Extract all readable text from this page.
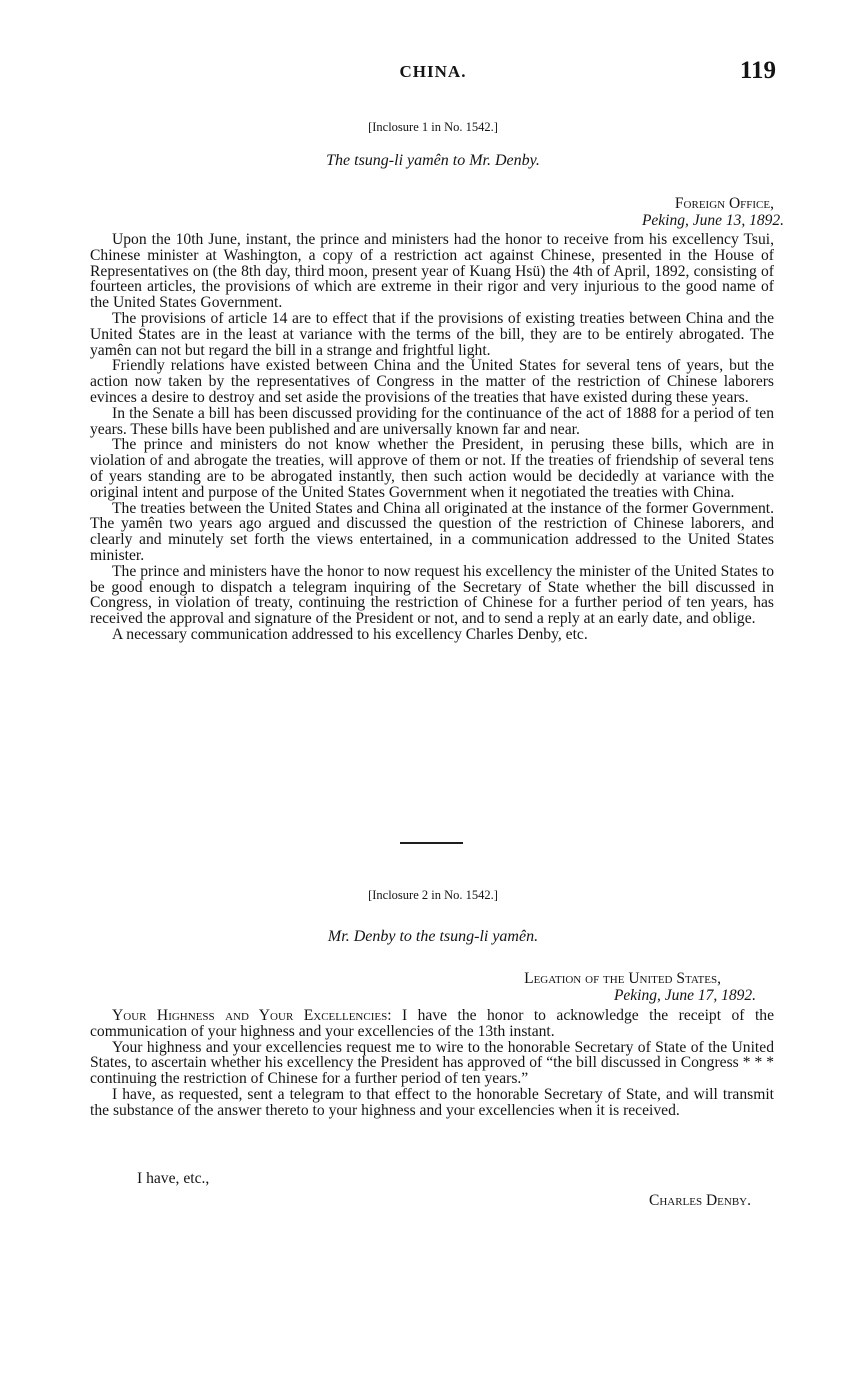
CHINA.	119
[Inclosure 1 in No. 1542.]
The tsung-li yamên to Mr. Denby.
Foreign Office,
Peking, June 13, 1892.

Upon the 10th June, instant, the prince and ministers had the honor to receive from his excellency Tsui, Chinese minister at Washington, a copy of a restriction act against Chinese, presented in the House of Representatives on (the 8th day, third moon, present year of Kuang Hsü) the 4th of April, 1892, consisting of fourteen articles, the provisions of which are extreme in their rigor and very injurious to the good name of the United States Government.

The provisions of article 14 are to effect that if the provisions of existing treaties between China and the United States are in the least at variance with the terms of the bill, they are to be entirely abrogated. The yamên can not but regard the bill in a strange and frightful light.

Friendly relations have existed between China and the United States for several tens of years, but the action now taken by the representatives of Congress in the matter of the restriction of Chinese laborers evinces a desire to destroy and set aside the provisions of the treaties that have existed during these years.

In the Senate a bill has been discussed providing for the continuance of the act of 1888 for a period of ten years. These bills have been published and are universally known far and near.

The prince and ministers do not know whether the President, in perusing these bills, which are in violation of and abrogate the treaties, will approve of them or not. If the treaties of friendship of several tens of years standing are to be abrogated instantly, then such action would be decidedly at variance with the original intent and purpose of the United States Government when it negotiated the treaties with China.

The treaties between the United States and China all originated at the instance of the former Government. The yamên two years ago argued and discussed the question of the restriction of Chinese laborers, and clearly and minutely set forth the views entertained, in a communication addressed to the United States minister.

The prince and ministers have the honor to now request his excellency the minister of the United States to be good enough to dispatch a telegram inquiring of the Secretary of State whether the bill discussed in Congress, in violation of treaty, continuing the restriction of Chinese for a further period of ten years, has received the approval and signature of the President or not, and to send a reply at an early date, and oblige.

A necessary communication addressed to his excellency Charles Denby, etc.

[Inclosure 2 in No. 1542.]
Mr. Denby to the tsung-li yamên.
Legation of the United States,
Peking, June 17, 1892.

Your Highness and Your Excellencies: I have the honor to acknowledge the receipt of the communication of your highness and your excellencies of the 13th instant.

Your highness and your excellencies request me to wire to the honorable Secretary of State of the United States, to ascertain whether his excellency the President has approved of “the bill discussed in Congress * * * continuing the restriction of Chinese for a further period of ten years.”

I have, as requested, sent a telegram to that effect to the honorable Secretary of State, and will transmit the substance of the answer thereto to your highness and your excellencies when it is received.

I have, etc.,
Charles Denby.
